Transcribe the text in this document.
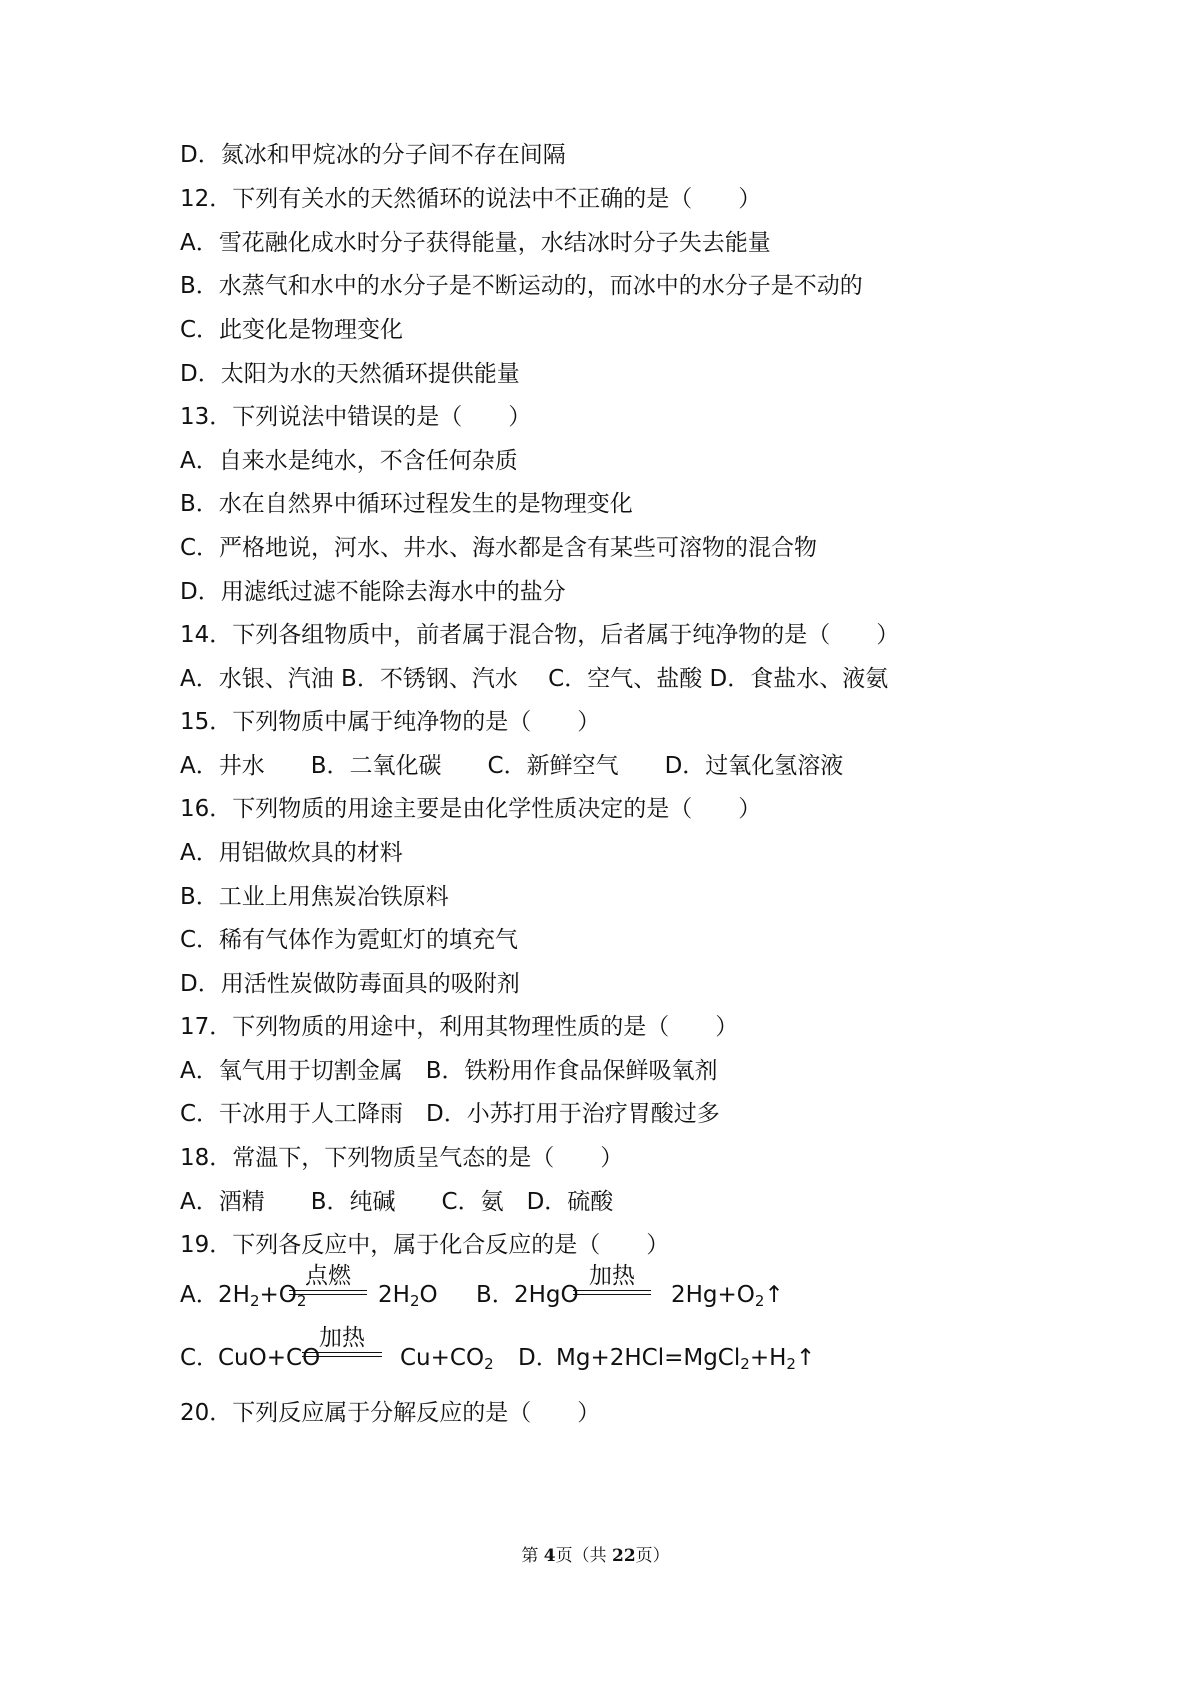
D．氮冰和甲烷冰的分子间不存在间隔
12．下列有关水的天然循环的说法中不正确的是（　　）
A．雪花融化成水时分子获得能量，水结冰时分子失去能量
B．水蒸气和水中的水分子是不断运动的，而冰中的水分子是不动的
C．此变化是物理变化
D．太阳为水的天然循环提供能量
13．下列说法中错误的是（　　）
A．自来水是纯水，不含任何杂质
B．水在自然界中循环过程发生的是物理变化
C．严格地说，河水、井水、海水都是含有某些可溶物的混合物
D．用滤纸过滤不能除去海水中的盐分
14．下列各组物质中，前者属于混合物，后者属于纯净物的是（　　）
A．水银、汽油 B．不锈钢、汽水　 C．空气、盐酸 D．食盐水、液氨
15．下列物质中属于纯净物的是（　　）
A．井水　　B．二氧化碳　　C．新鲜空气　　D．过氧化氢溶液
16．下列物质的用途主要是由化学性质决定的是（　　）
A．用铝做炊具的材料
B．工业上用焦炭冶铁原料
C．稀有气体作为霓虹灯的填充气
D．用活性炭做防毒面具的吸附剂
17．下列物质的用途中，利用其物理性质的是（　　）
A．氧气用于切割金属　B．铁粉用作食品保鲜吸氧剂
C．干冰用于人工降雨　D．小苏打用于治疗胃酸过多
18．常温下，下列物质呈气态的是（　　）
A．酒精　　B．纯碱　　C．氨　D．硫酸
19．下列各反应中，属于化合反应的是（　　）
A． $2H_2+O_2$	$2H_2O$ B． 2HgO	$2Hg+O_2↑$
点燃	加热
C．
CuO+CO	$Cu+CO_2$ D．
$Mg+2HCl=MgCl_2+H_2↑$
加热
20．下列反应属于分解反应的是（　　）
第 4页（共 22页）
